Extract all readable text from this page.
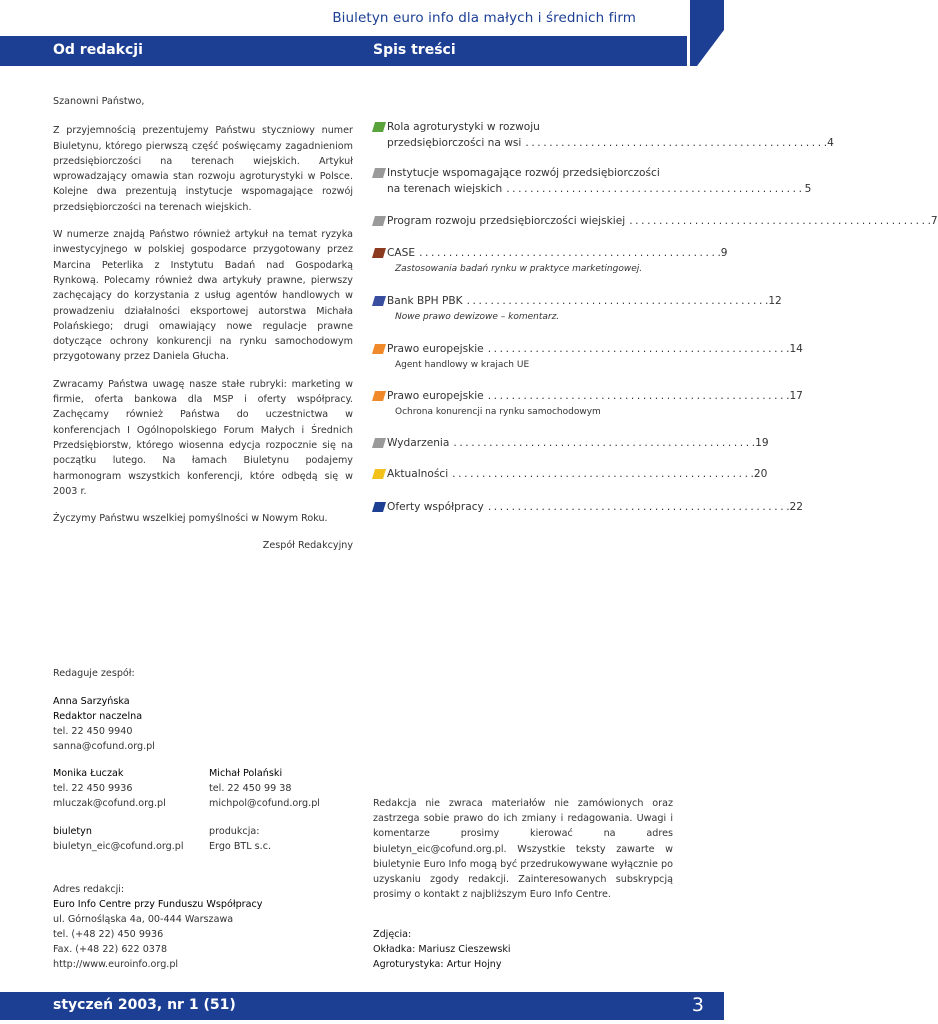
Biuletyn euro info dla małych i średnich firm
Od redakcji	Spis treści

Szanowni Państwo,

Z przyjemnością prezentujemy Państwu styczniowy numer Biuletynu, którego pierwszą część poświęcamy zagadnieniom przedsiębiorczości na terenach wiejskich. Artykuł wprowadzający omawia stan rozwoju agroturystyki w Polsce. Kolejne dwa prezentują instytucje wspomagające rozwój przedsiębiorczości na terenach wiejskich.

W numerze znajdą Państwo również artykuł na temat ryzyka inwestycyjnego w polskiej gospodarce przygotowany przez Marcina Peterlika z Instytutu Badań nad Gospodarką Rynkową. Polecamy również dwa artykuły prawne, pierwszy zachęcający do korzystania z usług agentów handlowych w prowadzeniu działalności eksportowej autorstwa Michała Polańskiego; drugi omawiający nowe regulacje prawne dotyczące ochrony konkurencji na rynku samochodowym przygotowany przez Daniela Głucha.

Zwracamy Państwa uwagę nasze stałe rubryki: marketing w firmie, oferta bankowa dla MSP i oferty współpracy. Zachęcamy również Państwa do uczestnictwa w konferencjach I Ogólnopolskiego Forum Małych i Średnich Przedsiębiorstw, którego wiosenna edycja rozpocznie się na początku lutego. Na łamach Biuletynu podajemy harmonogram wszystkich konferencji, które odbędą się w 2003 r.

Życzymy Państwu wszelkiej pomyślności w Nowym Roku.

Zespół Redakcyjny

Rola agroturystyki w rozwoju
przedsiębiorczości na wsi .................................................. .4
Instytucje wspomagające rozwój przedsiębiorczości
na terenach wiejskich .................................................. 5
Program rozwoju przedsiębiorczości wiejskiej .................................................. .7
CASE .................................................. .9
Zastosowania badań rynku w praktyce marketingowej.
Bank BPH PBK .................................................. .12
Nowe prawo dewizowe – komentarz.
Prawo europejskie .................................................. .14
Agent handlowy w krajach UE
Prawo europejskie .................................................. .17
Ochrona konurencji na rynku samochodowym
Wydarzenia .................................................. .19
Aktualności .................................................. .20
Oferty współpracy .................................................. .22
Redaguje zespół:
Anna Sarzyńska
Redaktor naczelna
tel. 22 450 9940
sanna@cofund.org.pl
Monika Łuczak
tel. 22 450 9936
mluczak@cofund.org.pl
Michał Polański
tel. 22 450 99 38
michpol@cofund.org.pl
biuletyn
biuletyn_eic@cofund.org.pl
produkcja:
Ergo BTL s.c.
Adres redakcji:
Euro Info Centre przy Funduszu Współpracy
ul. Górnośląska 4a, 00-444 Warszawa
tel. (+48 22) 450 9936
Fax. (+48 22) 622 0378
http://www.euroinfo.org.pl
Redakcja nie zwraca materiałów nie zamówionych oraz zastrzega sobie prawo do ich zmiany i redagowania. Uwagi i komentarze prosimy kierować na adres biuletyn_eic@cofund.org.pl. Wszystkie teksty zawarte w biuletynie Euro Info mogą być przedrukowywane wyłącznie po uzyskaniu zgody redakcji. Zainteresowanych subskrypcją prosimy o kontakt z najbliższym Euro Info Centre.
Zdjęcia:
Okładka: Mariusz Cieszewski
Agroturystyka: Artur Hojny
styczeń 2003, nr 1 (51)	3
